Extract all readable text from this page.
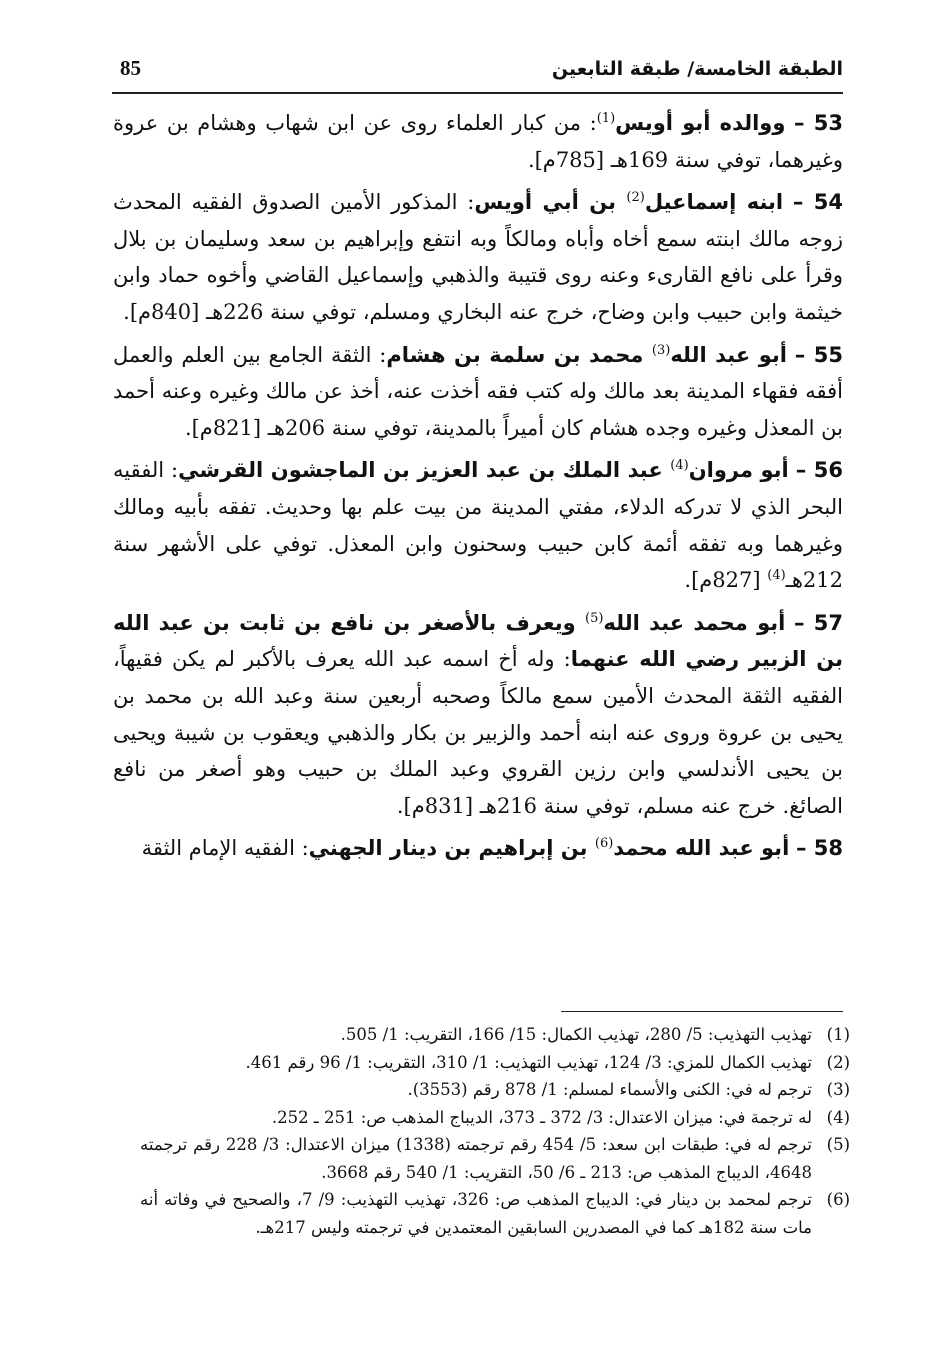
85	الطبقة الخامسة/ طبقة التابعين

53 – ووالده أبو أويس$^{(1)}$: من كبار العلماء روى عن ابن شهاب وهشام بن عروة وغيرهما، توفي سنة 169هـ [785م].

54 – ابنه إسماعيل$^{(2)}$ بن أبي أويس: المذكور الأمين الصدوق الفقيه المحدث زوجه مالك ابنته سمع أخاه وأباه ومالكاً وبه انتفع وإبراهيم بن سعد وسليمان بن بلال وقرأ على نافع القارىء وعنه روى قتيبة والذهبي وإسماعيل القاضي وأخوه حماد وابن خيثمة وابن حبيب وابن وضاح، خرج عنه البخاري ومسلم، توفي سنة 226هـ [840م].

55 – أبو عبد الله$^{(3)}$ محمد بن سلمة بن هشام: الثقة الجامع بين العلم والعمل أفقه فقهاء المدينة بعد مالك وله كتب فقه أخذت عنه، أخذ عن مالك وغيره وعنه أحمد بن المعذل وغيره وجده هشام كان أميراً بالمدينة، توفي سنة 206هـ [821م].

56 – أبو مروان$^{(4)}$ عبد الملك بن عبد العزيز بن الماجشون القرشي: الفقيه البحر الذي لا تدركه الدلاء، مفتي المدينة من بيت علم بها وحديث. تفقه بأبيه ومالك وغيرهما وبه تفقه أئمة كابن حبيب وسحنون وابن المعذل. توفي على الأشهر سنة 212هـ$^{(4)}$ [827م].

57 – أبو محمد عبد الله$^{(5)}$ ويعرف بالأصغر بن نافع بن ثابت بن عبد الله بن الزبير رضي الله عنهما: وله أخ اسمه عبد الله يعرف بالأكبر لم يكن فقيهاً، الفقيه الثقة المحدث الأمين سمع مالكاً وصحبه أربعين سنة وعبد الله بن محمد بن يحيى بن عروة وروى عنه ابنه أحمد والزبير بن بكار والذهبي ويعقوب بن شيبة ويحيى بن يحيى الأندلسي وابن رزين القروي وعبد الملك بن حبيب وهو أصغر من نافع الصائغ. خرج عنه مسلم، توفي سنة 216هـ [831م].

58 – أبو عبد الله محمد$^{(6)}$ بن إبراهيم بن دينار الجهني: الفقيه الإمام الثقة

(1)
تهذيب التهذيب: 5/ 280، تهذيب الكمال: 15/ 166، التقريب: 1/ 505.
(2)
تهذيب الكمال للمزي: 3/ 124، تهذيب التهذيب: 1/ 310، التقريب: 1/ 96 رقم 461.
(3)
ترجم له في: الكنى والأسماء لمسلم: 1/ 878 رقم (3553).
(4)
له ترجمة في: ميزان الاعتدال: 3/ 372 ـ 373، الديباج المذهب ص: 251 ـ 252.
(5)
ترجم له في: طبقات ابن سعد: 5/ 454 رقم ترجمته (1338) ميزان الاعتدال: 3/ 228 رقم ترجمته 4648، الديباج المذهب ص: 213 ـ 6/ 50، التقريب: 1/ 540 رقم 3668.
(6)
ترجم لمحمد بن دينار في: الديباج المذهب ص: 326، تهذيب التهذيب: 9/ 7، والصحيح في وفاته أنه مات سنة 182هـ كما في المصدرين السابقين المعتمدين في ترجمته وليس 217هـ.
